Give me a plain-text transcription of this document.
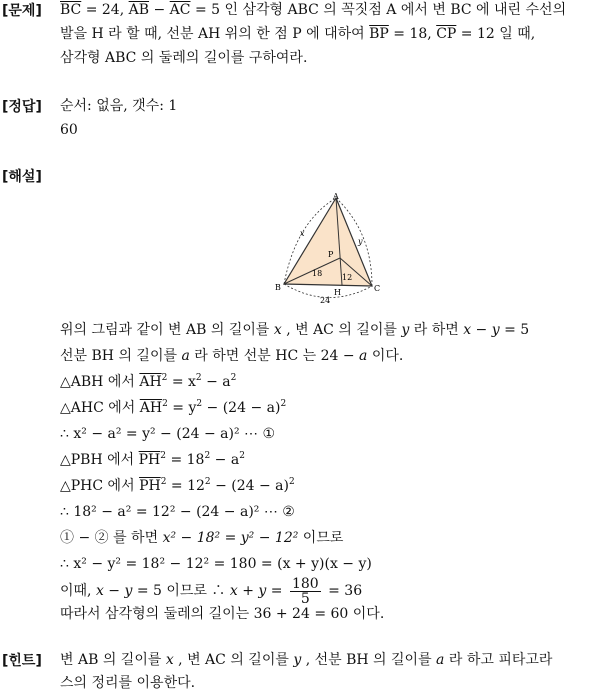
[문제] $\overline{BC} = 24$, $\overline{AB} - \overline{AC} = 5$ 인 삼각형 ABC 의 꼭짓점 A 에서 변 BC 에 내린 수선의
발을 H 라 할 때, 선분 AH 위의 한 점 P 에 대하여 $\overline{BP} = 18$, $\overline{CP} = 12$ 일 때,
삼각형 ABC 의 둘레의 길이를 구하여라.
[정답] 순서: 없음, 갯수: 1
60
[해설]
A
B	C
H
P
x
y
18 12
24
위의 그림과 같이 변 AB 의 길이를 x , 변 AC 의 길이를 y 라 하면 x − y = 5
선분 BH 의 길이를 a 라 하면 선분 HC 는 24 − a 이다.
△ABH 에서 $\overline{AH}^2 = x^2 - a^2$
△AHC 에서 $\overline{AH}^2 = y^2 - (24 - a)^2$
∴ x² − a² = y² − (24 − a)² ⋯ ①
△PBH 에서 $\overline{PH}^2 = 18^2 - a^2$
△PHC 에서 $\overline{PH}^2 = 12^2 - (24 - a)^2$
∴ 18² − a² = 12² − (24 − a)² ⋯ ②
① − ② 를 하면 x² − 18² = y² − 12² 이므로
∴ x² − y² = 18² − 12² = 180 = (x + y)(x − y)
이때, x − y = 5 이므로 ∴ $x + y = \frac{180}{5} = 36$
따라서 삼각형의 둘레의 길이는 36 + 24 = 60 이다.
[힌트] 변 AB 의 길이를 x , 변 AC 의 길이를 y , 선분 BH 의 길이를 a 라 하고 피타고라
스의 정리를 이용한다.
